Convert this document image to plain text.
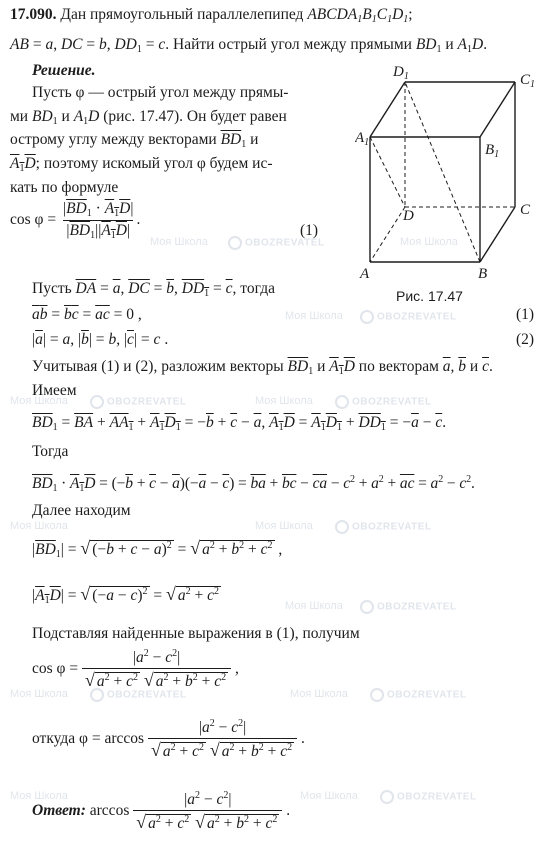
Моя Школа	OBOZREVATEL	Моя Школа
Моя Школа	OBOZREVATEL
Моя Школа	OBOZREVATEL	Моя Школа	OBOZREVATEL
Моя Школа	Моя Школа	OBOZREVATEL
Моя Школа	OBOZREVATEL
Моя Школа	OBOZREVATEL	Моя Школа	OBOZREVATEL
Моя Школа	Моя Школа	OBOZREVATEL
17.090. Дан прямоугольный параллелепипед $ABCDA_1B_1C_1D_1$;
AB = a, DC = b, $DD_1 = c$. Найти острый угол между прямыми $BD_1$ и $A_1D$.
Решение.
Пусть φ — острый угол между прямы-
ми $BD_1$ и $A_1D$ (рис. 17.47). Он будет равен
острому углу между векторами $\overline{BD}_1$ и
$A_1D$; поэтому искомый угол φ будем ис-
кать по формуле
$\cos \varphi = \frac{|\overline{BD}_1 \cdot A_1D|}{|\overline{BD}_1||A_1D|}$ .
(1)
$D_1$	$C_1$
$A_1$	$B_1$
D	C
A	B
Рис. 17.47
Пусть $\overline{DA} = \overline{a}$, $\overline{DC} = \overline{b}$, $DD_1 = \overline{c}$, тогда
$\overline{a}\overline{b} = \overline{b}\overline{c} = \overline{a}\overline{c} = 0$ ,	(1)
$|\overline{a}| = a$, $|\overline{b}| = b$, $|\overline{c}| = c$ .	(2)
Учитывая (1) и (2), разложим векторы $\overline{BD}_1$ и $A_1D$ по векторам $\overline{a}$, $\overline{b}$ и $\overline{c}$.
Имеем
$\overline{BD}_1 = \overline{BA} + AA_1 + A_1D_1 = -\overline{b} + \overline{c} - \overline{a}$, $A_1D = A_1D_1 + DD_1 = -\overline{a} - \overline{c}$.
Тогда
$\overline{BD}_1 \cdot A_1D = (-\overline{b} + \overline{c} - \overline{a})(-\overline{a} - \overline{c}) = \overline{b}\overline{a} + \overline{b}\overline{c} - \overline{c}\overline{a} - c^2 + a^2 + \overline{a}\overline{c} = a^2 - c^2$.
Далее находим
$|\overline{BD}_1|$ = √ $(-\overline{b} + \overline{c} - \overline{a})^2$ = √ $a^2 + b^2 + c^2$ ,
$|A_1D|$ = √ $(-\overline{a} - \overline{c})^2$ = √ $a^2 + c^2$
Подставляя найденные выражения в (1), получим
$\cos \varphi = \frac{|a^2 - c^2|}{√ a^2 + c^2 √ a^2 + b^2 + c^2}$ ,
откуда $\varphi = \arccos \frac{|a^2 - c^2|}{√ a^2 + c^2 √ a^2 + b^2 + c^2}$ .
Ответ: $\arccos \frac{|a^2 - c^2|}{√ a^2 + c^2 √ a^2 + b^2 + c^2}$ .
